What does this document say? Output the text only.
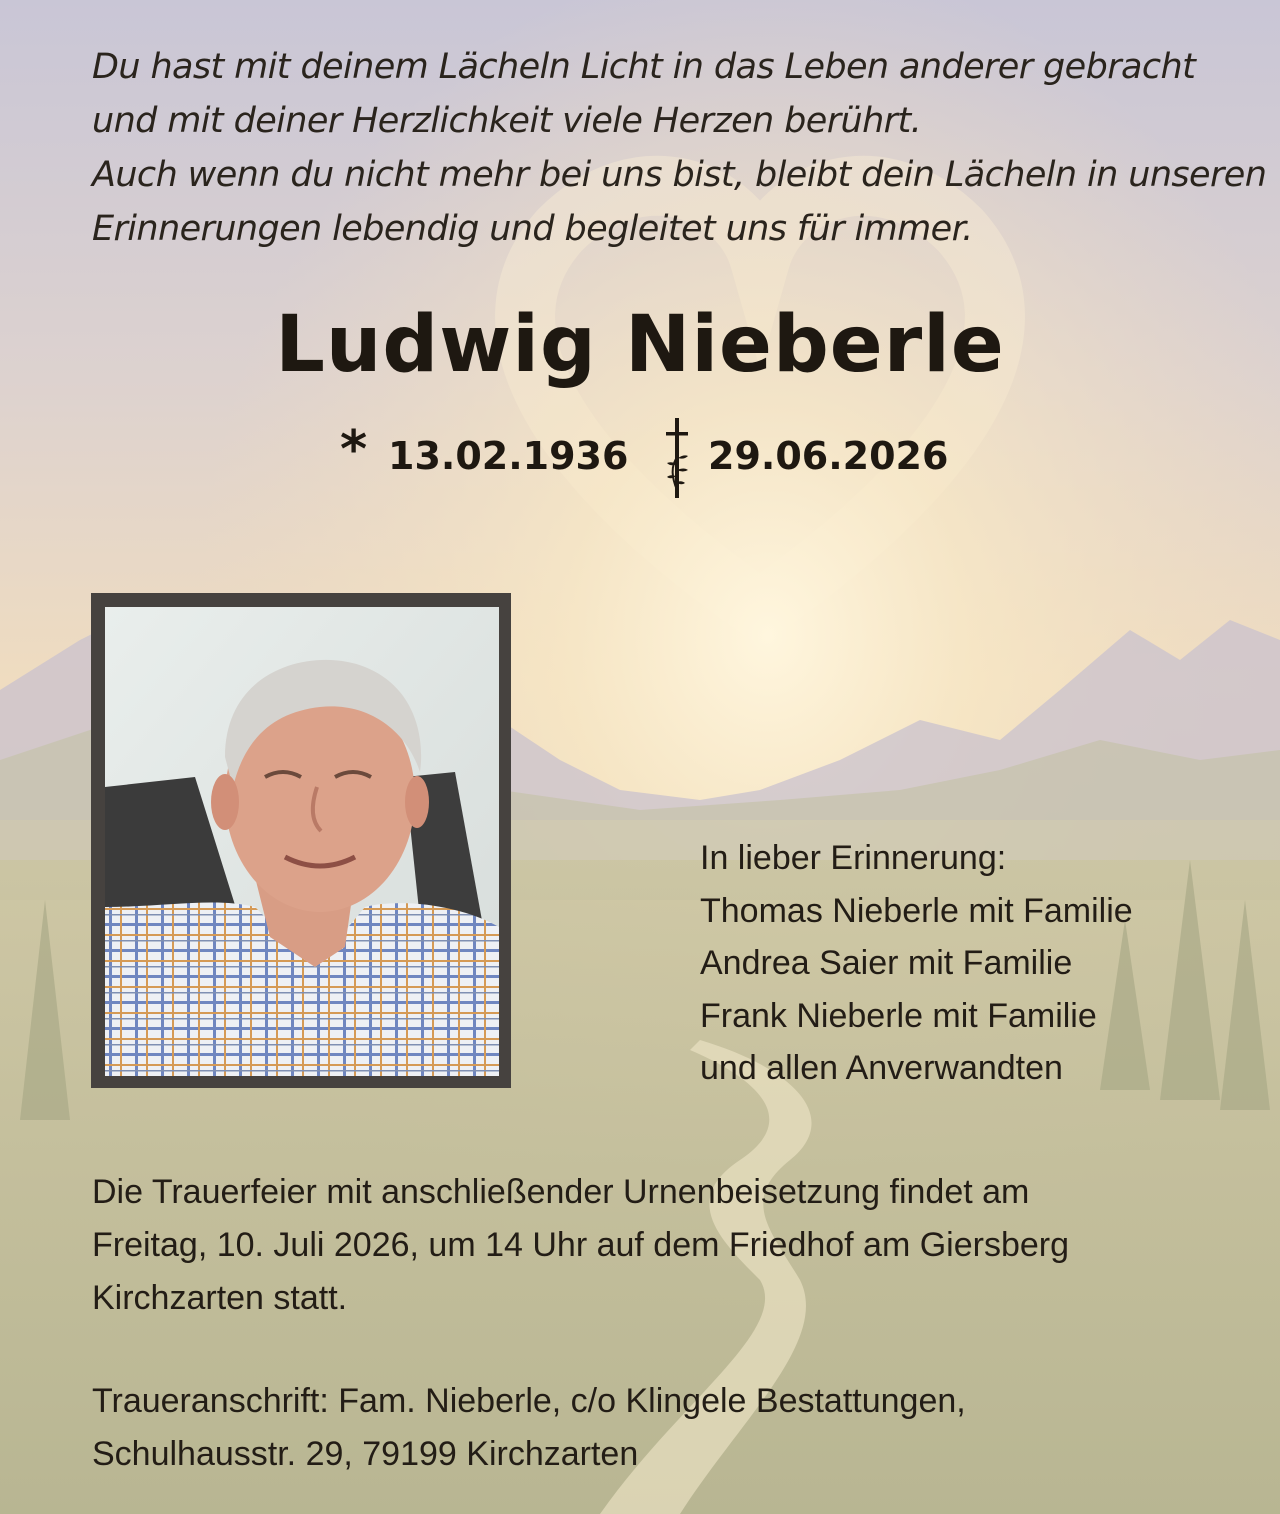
Du hast mit deinem Lächeln Licht in das Leben anderer gebracht
und mit deiner Herzlichkeit viele Herzen berührt.
Auch wenn du nicht mehr bei uns bist, bleibt dein Lächeln in unseren
Erinnerungen lebendig und begleitet uns für immer.
Ludwig Nieberle
* 13.02.1936 29.06.2026
In lieber Erinnerung:
Thomas Nieberle mit Familie
Andrea Saier mit Familie
Frank Nieberle mit Familie
und allen Anverwandten
Die Trauerfeier mit anschließender Urnenbeisetzung findet am
Freitag, 10. Juli 2026, um 14 Uhr auf dem Friedhof am Giersberg
Kirchzarten statt.
Traueranschrift: Fam. Nieberle, c/o Klingele Bestattungen,
Schulhausstr. 29, 79199 Kirchzarten
